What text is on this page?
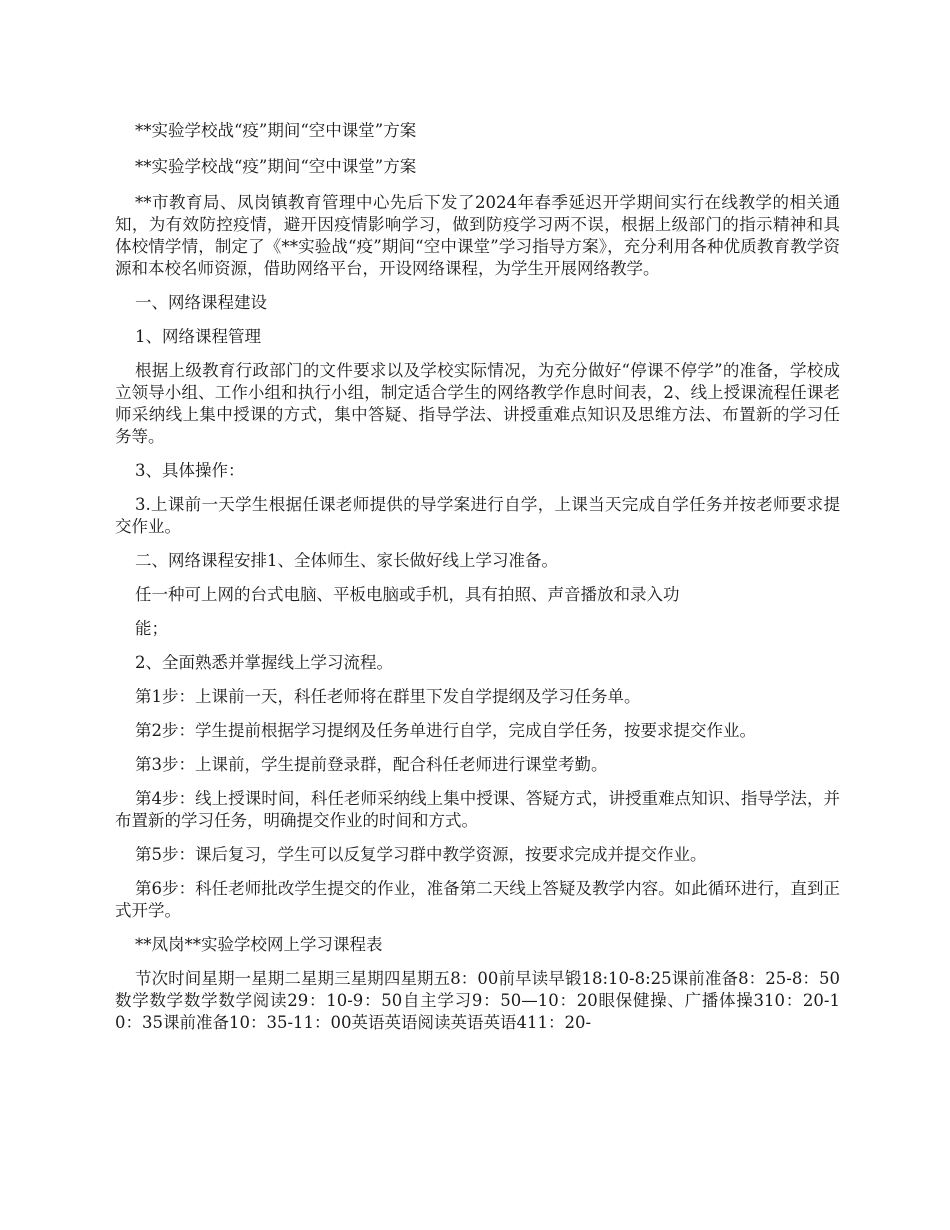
**实验学校战“疫”期间“空中课堂”方案

**实验学校战“疫”期间“空中课堂”方案

**市教育局、凤岗镇教育管理中心先后下发了2024年春季延迟开学期间实行在线教学的相关通知，为有效防控疫情，避开因疫情影响学习，做到防疫学习两不误，根据上级部门的指示精神和具体校情学情，制定了《**实验战“疫”期间“空中课堂”学习指导方案》，充分利用各种优质教育教学资源和本校名师资源，借助网络平台，开设网络课程，为学生开展网络教学。

一、网络课程建设

1、网络课程管理

根据上级教育行政部门的文件要求以及学校实际情况，为充分做好“停课不停学”的准备，学校成立领导小组、工作小组和执行小组，制定适合学生的网络教学作息时间表，2、线上授课流程任课老师采纳线上集中授课的方式，集中答疑、指导学法、讲授重难点知识及思维方法、布置新的学习任务等。

3、具体操作：

3.上课前一天学生根据任课老师提供的导学案进行自学，上课当天完成自学任务并按老师要求提交作业。

二、网络课程安排1、全体师生、家长做好线上学习准备。

任一种可上网的台式电脑、平板电脑或手机，具有拍照、声音播放和录入功

能；

2、全面熟悉并掌握线上学习流程。

第1步：上课前一天，科任老师将在群里下发自学提纲及学习任务单。

第2步：学生提前根据学习提纲及任务单进行自学，完成自学任务，按要求提交作业。

第3步：上课前，学生提前登录群，配合科任老师进行课堂考勤。

第4步：线上授课时间，科任老师采纳线上集中授课、答疑方式，讲授重难点知识、指导学法，并布置新的学习任务，明确提交作业的时间和方式。

第5步：课后复习，学生可以反复学习群中教学资源，按要求完成并提交作业。

第6步：科任老师批改学生提交的作业，准备第二天线上答疑及教学内容。如此循环进行，直到正式开学。

**凤岗**实验学校网上学习课程表

节次时间星期一星期二星期三星期四星期五8：00前早读早锻18:10-8:25课前准备8：25-8：50数学数学数学数学阅读29：10-9：50自主学习9：50—10：20眼保健操、广播体操310：20-10：35课前准备10：35-11：00英语英语阅读英语英语411：20-
